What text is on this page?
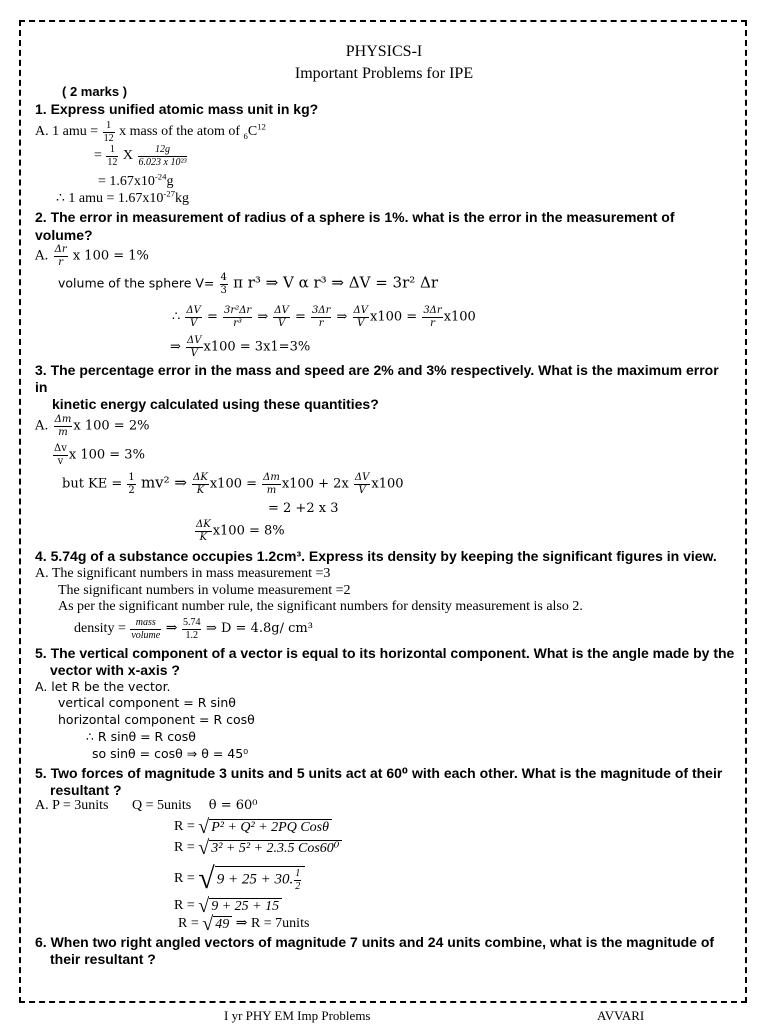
PHYSICS-I
Important Problems for IPE
( 2 marks )
1. Express unified atomic mass unit in kg?
A. 1 amu = $\frac{1}{12}$ x mass of the atom of $_6C^{12}$
= $\frac{1}{12}$ X $\frac{12g}{\text{6.023 x 10²³}}$
= $1.67x10^{-24}g$
∴ 1 amu = $1.67x10^{-27}kg$
2. The error in measurement of radius of a sphere is 1%. what is the error in the measurement of
volume?
A. $\frac{\Delta r}{r}$ x 100 = 1%
volume of the sphere $V= \frac{4}{3}$ π r³ ⇒ V α r³ ⇒ ΔV = 3r² Δr
∴ $\frac{\Delta V}{V} = \frac{\text{3r²Δr}}{\text{r³}}$ ⇒ $\frac{\Delta V}{V} = \frac{3\Delta r}{r}$ ⇒ $\frac{\Delta V}{V} x100 = \frac{3\Delta r}{r} x100$
⇒ $\frac{\Delta V}{V} x100 = 3x1=3\%$
3. The percentage error in the mass and speed are 2% and 3% respectively. What is the maximum error
in
kinetic energy calculated using these quantities?
A. $\frac{\Delta m}{m}$ x 100 = 2%
$\frac{\Delta v}{v}$ x 100 = 3%
but KE = $\frac{1}{2} mv^2$ ⇒ $\frac{\Delta K}{K} x100 = \frac{\Delta m}{m} x100 + 2x \frac{\Delta V}{V} x100$
= 2 +2 x 3
$\frac{\Delta K}{K} x100 = 8\%$
4. 5.74g of a substance occupies 1.2cm³. Express its density by keeping the significant figures in view.
A. The significant numbers in mass measurement =3
The significant numbers in volume measurement =2
As per the significant number rule, the significant numbers for density measurement is also 2.
density = mass
volume ⇒ $\frac{5.74}{1.2}$ ⇒ D = 4.8g/ cm³
5. The vertical component of a vector is equal to its horizontal component. What is the angle made by the
vector with x-axis ?
A. let R be the vector.
vertical component = R sinθ
horizontal component = R cosθ
∴ R sinθ = R cosθ
so sinθ = cosθ ⇒ θ = 45⁰
5. Two forces of magnitude 3 units and 5 units act at 60⁰ with each other. What is the magnitude of their
resultant ?
A. P = 3units Q = 5units θ = 60⁰
R = √ P² + Q² + 2PQ Cosθ
R = √ 3² + 5² + 2.3.5 Cos60⁰
R = √ 9 + 25 + 30. $\frac{1}{2}$
R = √ 9 + 25 + 15
R = √ 49 ⇒ R = 7units
6. When two right angled vectors of magnitude 7 units and 24 units combine, what is the magnitude of
their resultant ?
I yr PHY EM Imp Problems	AVVARI
